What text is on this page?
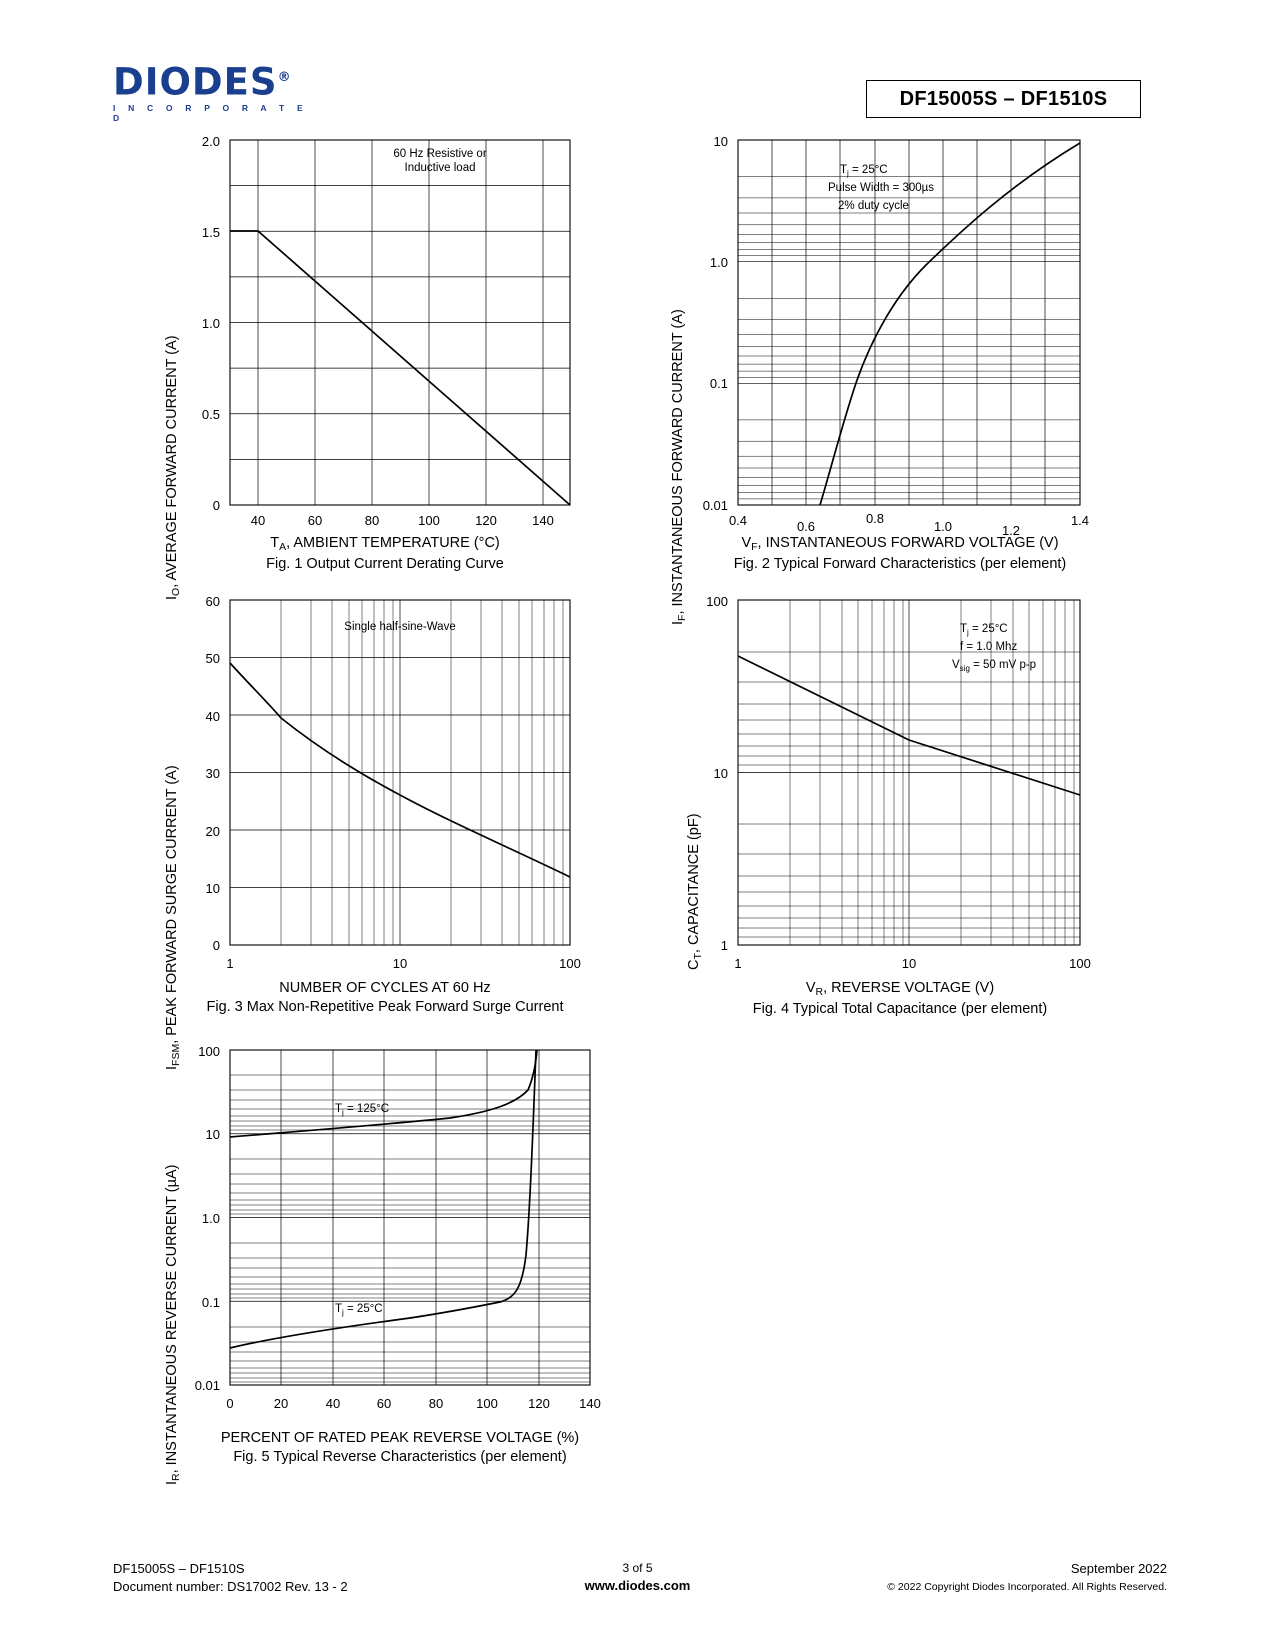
DIODES®
I N C O R P O R A T E D
DF15005S – DF1510S
$I_O$, AVERAGE FORWARD CURRENT (A)
2.0
1.5
1.0
0.5
0
40	60	80	100	120	140
60 Hz Resistive or
Inductive load
$T_A$, AMBIENT TEMPERATURE (°C)
Fig. 1 Output Current Derating Curve
$I_F$, INSTANTANEOUS FORWARD CURRENT (A)
10
1.0
0.1
0.01
0.4	0.6
0.8
1.0	1.2
1.4
$T_j = 25^\circ C$
Pulse Width = 300µs
2% duty cycle
$V_F$, INSTANTANEOUS FORWARD VOLTAGE (V)
Fig. 2 Typical Forward Characteristics (per element)
$I_{FSM}$, PEAK FORWARD SURGE CURRENT (A)
60
50
40
30
20
10
0
1	10	100
Single half-sine-Wave
NUMBER OF CYCLES AT 60 Hz
Fig. 3 Max Non-Repetitive Peak Forward Surge Current
$C_T$, CAPACITANCE (pF)
100
10
1
1	10	100
$T_j = 25^\circ C$
f = 1.0 Mhz
$V_{sig} = 50$ mV p-p
$V_R$, REVERSE VOLTAGE (V)
Fig. 4 Typical Total Capacitance (per element)
$I_R$, INSTANTANEOUS REVERSE CURRENT (µA)
100
10
1.0
0.1
0.01
0	20	40	60	80	100 120 140
$T_j = 125^\circ C$
$T_j = 25^\circ C$
PERCENT OF RATED PEAK REVERSE VOLTAGE (%)
Fig. 5 Typical Reverse Characteristics (per element)
DF15005S – DF1510S
Document number: DS17002 Rev. 13 - 2
3 of 5
www.diodes.com
September 2022
© 2022 Copyright Diodes Incorporated. All Rights Reserved.
